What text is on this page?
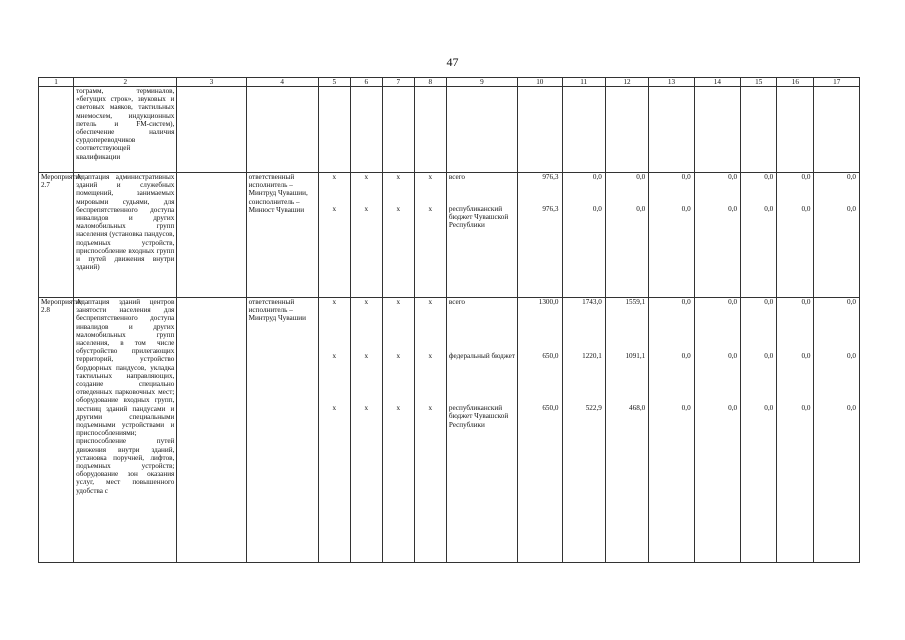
47
1	2	3	4	5	6	7	8	9	10	11	12	13	14	15	16	17
	тограмм, терминалов, «бегущих строк», звуковых и световых маяков, тактильных мнемосхем, индукционных петель и FM-систем), обеспечение наличия сурдопереводчиков соответствующей квалификации															
Мероприятие 2.7	Адаптация административных зданий и служебных помещений, занимаемых мировыми судьями, для беспрепятственного доступа инвалидов и других маломобильных групп населения (установка пандусов, подъемных устройств, приспособление входных групп и путей движения внутри зданий)		ответственный исполнитель – Минтруд Чувашии, соисполнитель – Минюст Чувашии	x	x	x	x	всего	976,3	0,0	0,0	0,0	0,0	0,0	0,0	0,0
				x	x	x	x	республиканский бюджет Чувашской Республики	976,3	0,0	0,0	0,0	0,0	0,0	0,0	0,0
Мероприятие 2.8	Адаптация зданий центров занятости населения для беспрепятственного доступа инвалидов и других маломобильных групп населения, в том числе обустройство прилегающих территорий, устройство бордюрных пандусов, укладка тактильных направляющих, создание специально отведенных парковочных мест; оборудование входных групп, лестниц зданий пандусами и другими специальными подъемными устройствами и приспособлениями; приспособление путей движения внутри зданий, установка поручней, лифтов, подъемных устройств; оборудование зон оказания услуг, мест повышенного удобства с		ответственный исполнитель – Минтруд Чувашии	x	x	x	x	всего	1300,0	1743,0	1559,1	0,0	0,0	0,0	0,0	0,0
				x	x	x	x	федеральный бюджет	650,0	1220,1	1091,1	0,0	0,0	0,0	0,0	0,0
				x	x	x	x	республиканский бюджет Чувашской Республики	650,0	522,9	468,0	0,0	0,0	0,0	0,0	0,0
